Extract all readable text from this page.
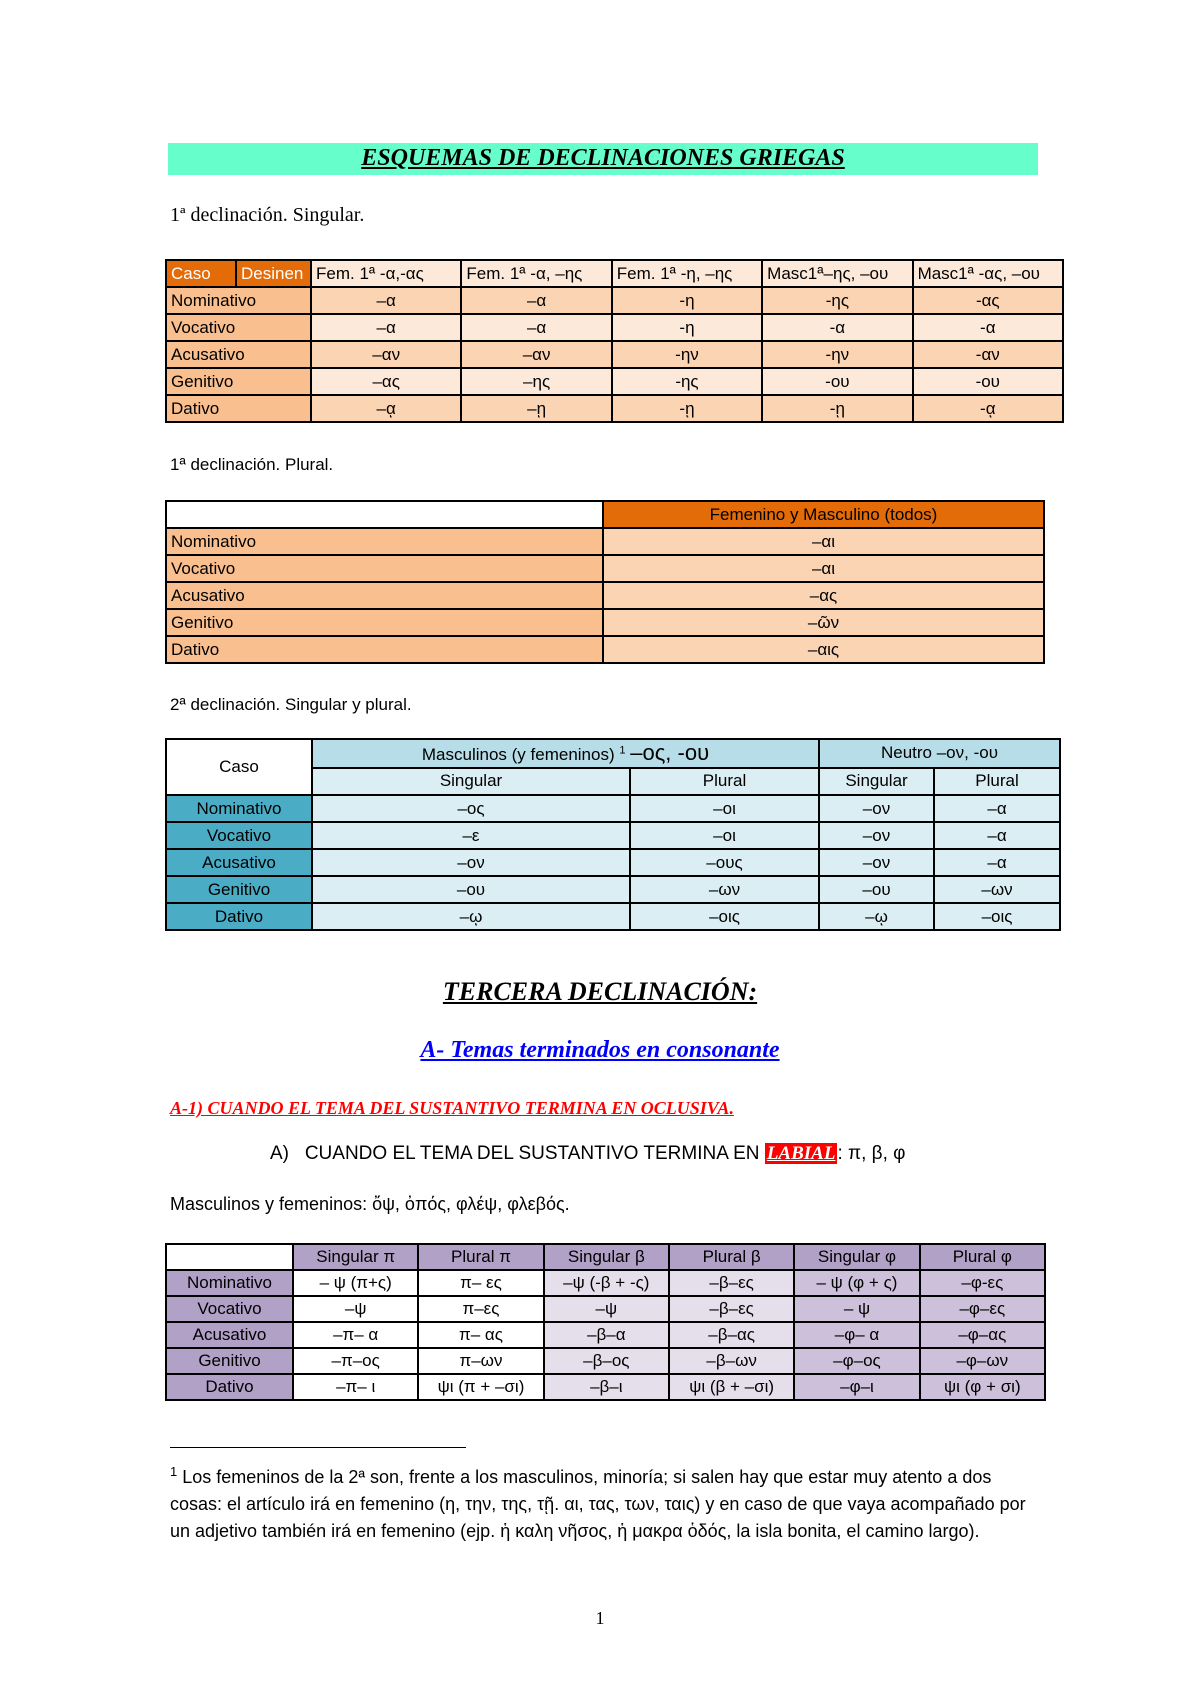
ESQUEMAS DE DECLINACIONES GRIEGAS
1ª declinación. Singular.
Caso	Desinen	Fem. 1ª -α,-ας	Fem. 1ª -α, –ης	Fem. 1ª -η, –ης	Masc1ª–ης, –ου	Masc1ª -ας, –ου
Nominativo		–α	–α	-η	-ης	-ας
Vocativo		–α	–α	-η	-α	-α
Acusativo		–αν	–αν	-ην	-ην	-αν
Genitivo		–ας	–ης	-ης	-ου	-ου
Dativο		–ᾳ	–ῃ	-ῃ	-ῃ	-ᾳ
1ª declinación. Plural.
	Femenino y Masculino (todos)
Nominativo	–αι
Vocativo	–αι
Acusativo	–ας
Genitivo	–ῶν
Dativo	–αις
2ª declinación. Singular y plural.
Caso	Masculinos (y femeninos) $^1$ –ος, -ου		Neutro –ον, -ου	
	Singular	Plural	Singular	Plural
Nominativo	–ος	–οι	–ον	–α
Vocativo	–ε	–οι	–ον	–α
Acusativo	–ον	–ους	–ον	–α
Genitivo	–ου	–ων	–ου	–ων
Dativo	–ῳ	–οις	–ῳ	–οις
TERCERA DECLINACIÓN:
A- Temas terminados en consonante
A-1) CUANDO EL TEMA DEL SUSTANTIVO TERMINA EN OCLUSIVA.
A)   CUANDO EL TEMA DEL SUSTANTIVO TERMINA EN LABIAL : π, β, φ
Masculinos y femeninos: ὄψ, ὀπός, φλέψ, φλεβός.
	Singular π	Plural π	Singular β	Plural β	Singular φ	Plural φ
Nominativo	– ψ (π+ς)	π– ες	–ψ (-β + -ς)	–β–ες	– ψ (φ + ς)	–φ-ες
Vocativo	–ψ	π–ες	–ψ	–β–ες	– ψ	–φ–ες
Acusativo	–π– α	π– ας	–β–α	–β–ας	–φ– α	–φ–ας
Genitivo	–π–ος	π–ων	–β–ος	–β–ων	–φ–ος	–φ–ων
Dativo	–π– ι	ψι (π + –σι)	–β–ι	ψι (β + –σι)	–φ–ι	ψι (φ + σι)
$^1$ Los femeninos de la 2ª son, frente a los masculinos, minoría; si salen hay que estar muy atento a dos cosas: el artículo irá en femenino (η, την, της, τῇ. αι, τας, των, ταις) y en caso de que vaya acompañado por un adjetivo también irá en femenino (ejp. ἡ καλη νῆσος, ἡ μακρα ὁδός, la isla bonita, el camino largo).
1
